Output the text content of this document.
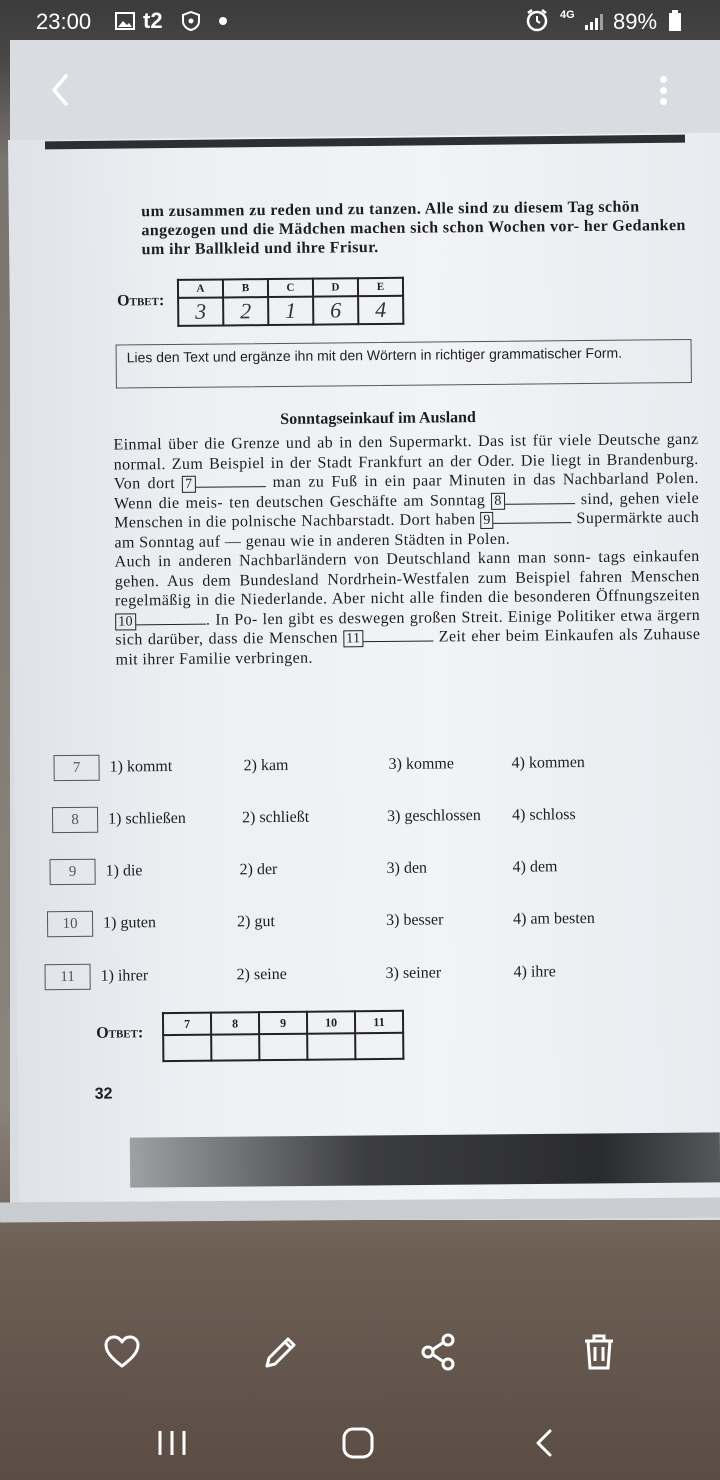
23:00 t2	4G 89%

um zusammen zu reden und zu tanzen. Alle sind zu diesem Tag schön angezogen und die Mädchen machen sich schon Wochen vor- her Gedanken um ihr Ballkleid und ihre Frisur.

Ответ:
A	B	C	D	E
3	2	1	6	4
Lies den Text und ergänze ihn mit den Wörtern in richtiger grammatischer Form.
Sonntagseinkauf im Ausland
Einmal über die Grenze und ab in den Supermarkt. Das ist für viele Deutsche ganz normal. Zum Beispiel in der Stadt Frankfurt an der Oder. Die liegt in Brandenburg. Von dort 7	man zu Fuß in ein paar Minuten in das Nachbarland Polen. Wenn die meis- ten deutschen Geschäfte am Sonntag 8	sind, gehen viele Menschen in die polnische Nachbarstadt. Dort haben 9	Supermärkte auch am Sonntag auf — genau wie in anderen Städten in Polen.
Auch in anderen Nachbarländern von Deutschland kann man sonn- tags einkaufen gehen. Aus dem Bundesland Nordrhein-Westfalen zum Beispiel fahren Menschen regelmäßig in die Niederlande. Aber nicht alle finden die besonderen Öffnungszeiten 10	. In Po- len gibt es deswegen großen Streit. Einige Politiker etwa ärgern sich darüber, dass die Menschen 11	Zeit eher beim Einkaufen als Zuhause mit ihrer Familie verbringen.
7	1) kommt	2) kam	3) komme	4) kommen
8	1) schließen	2) schließt	3) geschlossen 4) schloss
9	1) die	2) der	3) den	4) dem
10	1) guten	2) gut	3) besser	4) am besten
11	1) ihrer	2) seine	3) seiner	4) ihre
Ответ:
7	8	9	10	11

32
